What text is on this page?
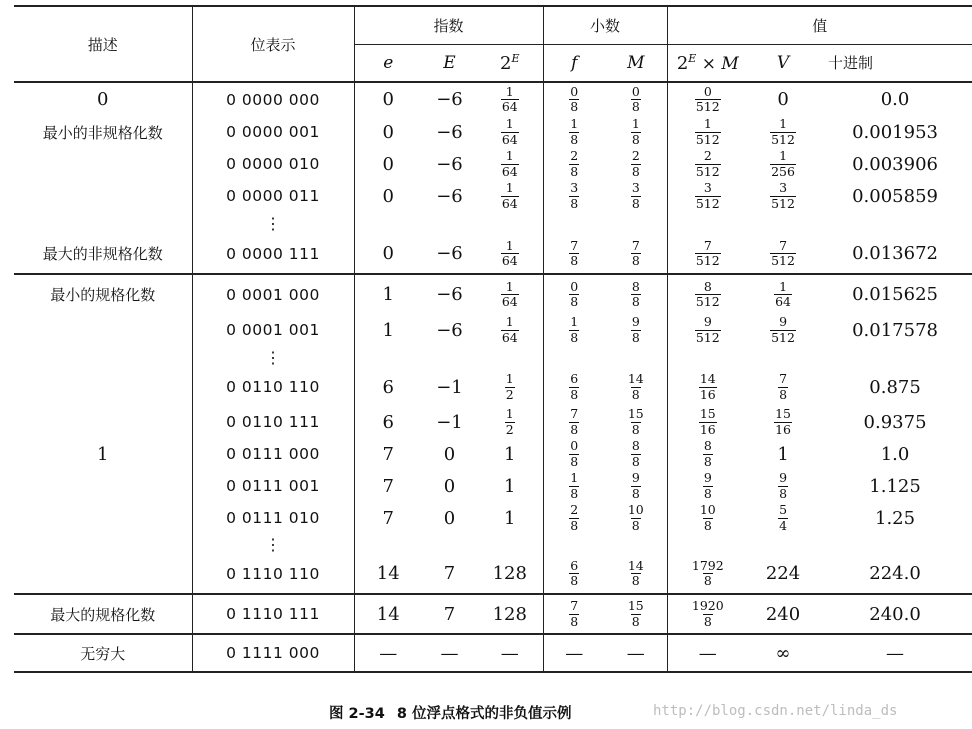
描述	位表示	指数			小数		值		
		e	E	$2^E$	f	M	$2^E \times M$	V	十进制
0	0 0000 000	0	−6	$\frac{1}{64}$	$\frac{0}{8}$	$\frac{0}{8}$	$\frac{0}{512}$	0	0.0
最小的非规格化数	0 0000 001	0	−6	$\frac{1}{64}$	$\frac{1}{8}$	$\frac{1}{8}$	$\frac{1}{512}$	$\frac{1}{512}$	0.001953
	0 0000 010	0	−6	$\frac{1}{64}$	$\frac{2}{8}$	$\frac{2}{8}$	$\frac{2}{512}$	$\frac{1}{256}$	0.003906
	0 0000 011	0	−6	$\frac{1}{64}$	$\frac{3}{8}$	$\frac{3}{8}$	$\frac{3}{512}$	$\frac{3}{512}$	0.005859
	⋮								
最大的非规格化数	0 0000 111	0	−6	$\frac{1}{64}$	$\frac{7}{8}$	$\frac{7}{8}$	$\frac{7}{512}$	$\frac{7}{512}$	0.013672
最小的规格化数	0 0001 000	1	−6	$\frac{1}{64}$	$\frac{0}{8}$	$\frac{8}{8}$	$\frac{8}{512}$	$\frac{1}{64}$	0.015625
	0 0001 001	1	−6	$\frac{1}{64}$	$\frac{1}{8}$	$\frac{9}{8}$	$\frac{9}{512}$	$\frac{9}{512}$	0.017578
	⋮								
	0 0110 110	6	−1	$\frac{1}{2}$	$\frac{6}{8}$	$\frac{14}{8}$	$\frac{14}{16}$	$\frac{7}{8}$	0.875
	0 0110 111	6	−1	$\frac{1}{2}$	$\frac{7}{8}$	$\frac{15}{8}$	$\frac{15}{16}$	$\frac{15}{16}$	0.9375
1	0 0111 000	7	0	1	$\frac{0}{8}$	$\frac{8}{8}$	$\frac{8}{8}$	1	1.0
	0 0111 001	7	0	1	$\frac{1}{8}$	$\frac{9}{8}$	$\frac{9}{8}$	$\frac{9}{8}$	1.125
	0 0111 010	7	0	1	$\frac{2}{8}$	$\frac{10}{8}$	$\frac{10}{8}$	$\frac{5}{4}$	1.25
	⋮								
	0 1110 110	14	7	128	$\frac{6}{8}$	$\frac{14}{8}$	$\frac{1792}{8}$	224	224.0
最大的规格化数	0 1110 111	14	7	128	$\frac{7}{8}$	$\frac{15}{8}$	$\frac{1920}{8}$	240	240.0
无穷大	0 1111 000	—	—	—	—	—	—	∞	—
图 2-34 8 位浮点格式的非负值示例	http://blog.csdn.net/linda_ds
